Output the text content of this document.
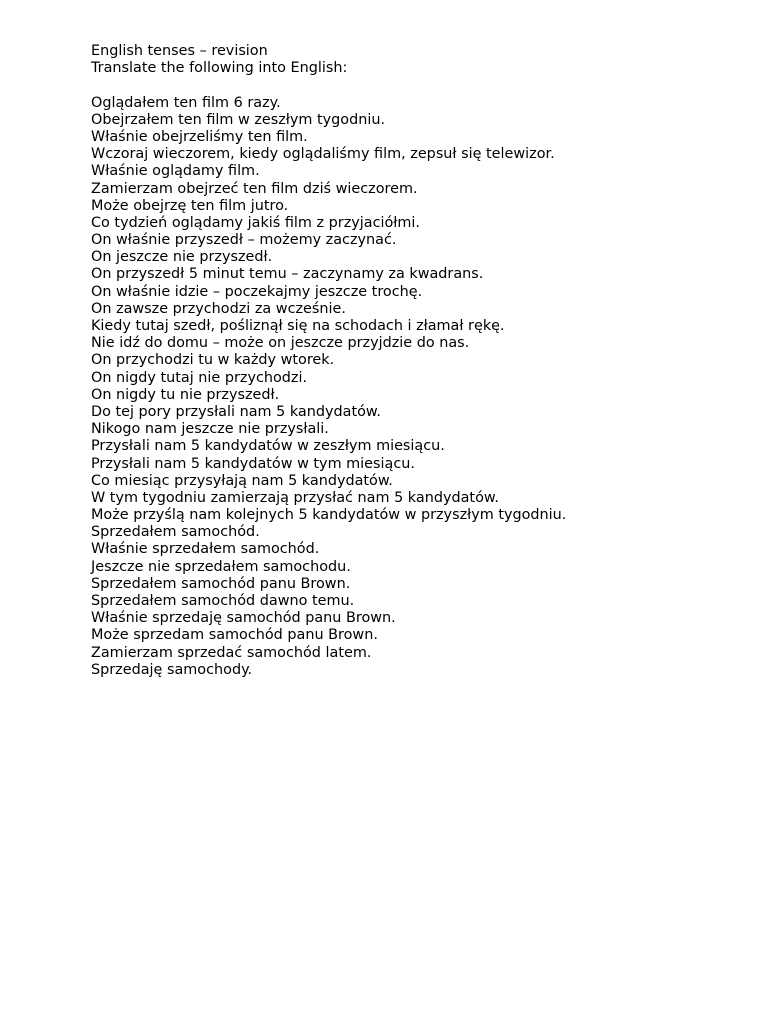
English tenses – revision

Translate the following into English:

Oglądałem ten film 6 razy.

Obejrzałem ten film w zeszłym tygodniu.

Właśnie obejrzeliśmy ten film.

Wczoraj wieczorem, kiedy oglądaliśmy film, zepsuł się telewizor.

Właśnie oglądamy film.

Zamierzam obejrzeć ten film dziś wieczorem.

Może obejrzę ten film jutro.

Co tydzień oglądamy jakiś film z przyjaciółmi.

On właśnie przyszedł – możemy zaczynać.

On jeszcze nie przyszedł.

On przyszedł 5 minut temu – zaczynamy za kwadrans.

On właśnie idzie – poczekajmy jeszcze trochę.

On zawsze przychodzi za wcześnie.

Kiedy tutaj szedł, pośliznął się na schodach i złamał rękę.

Nie idź do domu – może on jeszcze przyjdzie do nas.

On przychodzi tu w każdy wtorek.

On nigdy tutaj nie przychodzi.

On nigdy tu nie przyszedł.

Do tej pory przysłali nam 5 kandydatów.

Nikogo nam jeszcze nie przysłali.

Przysłali nam 5 kandydatów w zeszłym miesiącu.

Przysłali nam 5 kandydatów w tym miesiącu.

Co miesiąc przysyłają nam 5 kandydatów.

W tym tygodniu zamierzają przysłać nam 5 kandydatów.

Może przyślą nam kolejnych 5 kandydatów w przyszłym tygodniu.

Sprzedałem samochód.

Właśnie sprzedałem samochód.

Jeszcze nie sprzedałem samochodu.

Sprzedałem samochód panu Brown.

Sprzedałem samochód dawno temu.

Właśnie sprzedaję samochód panu Brown.

Może sprzedam samochód panu Brown.

Zamierzam sprzedać samochód latem.

Sprzedaję samochody.
